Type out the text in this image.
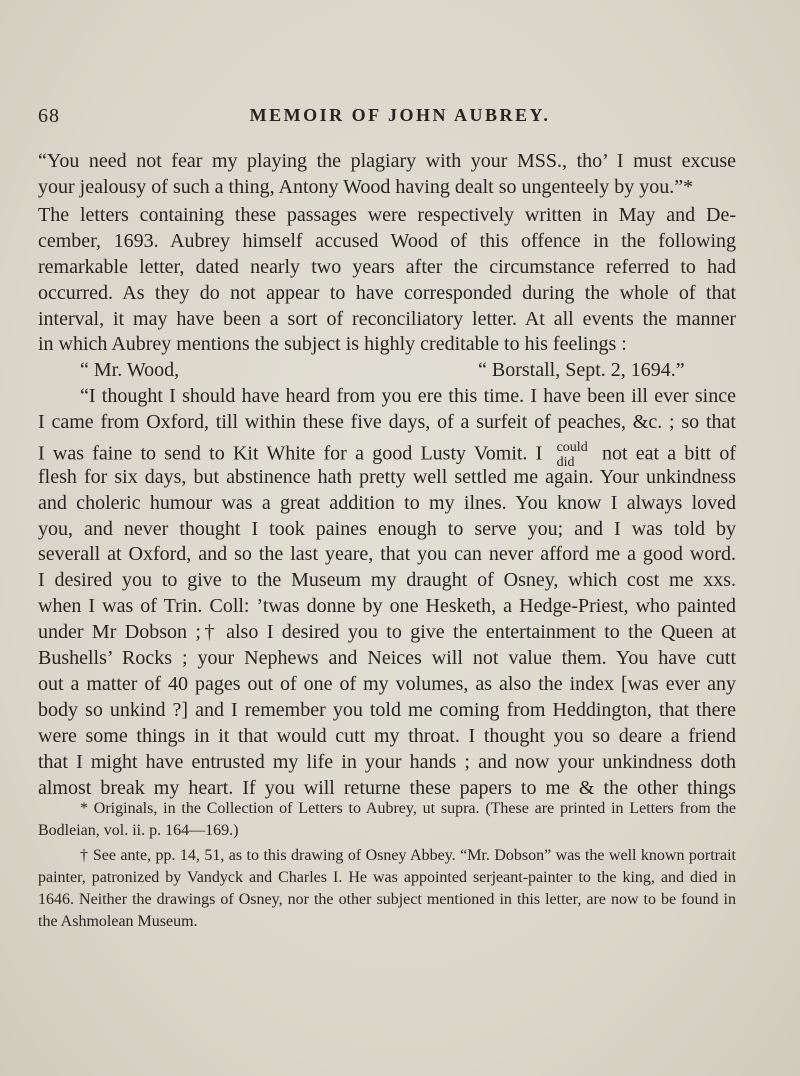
68	MEMOIR OF JOHN AUBREY.
“You need not fear my playing the plagiary with your MSS., tho’ I must excuse
your jealousy of such a thing, Antony Wood having dealt so ungenteely by you.”*
The letters containing these passages were respectively written in May and De-
cember, 1693. Aubrey himself accused Wood of this offence in the following
remarkable letter, dated nearly two years after the circumstance referred to had
occurred. As they do not appear to have corresponded during the whole of that
interval, it may have been a sort of reconciliatory letter. At all events the manner
in which Aubrey mentions the subject is highly creditable to his feelings :
“ Mr. Wood,	“ Borstall, Sept. 2, 1694.”
“I thought I should have heard from you ere this time. I have been ill ever since
I came from Oxford, till within these five days, of a surfeit of peaches, &c. ; so that
I was faine to send to Kit White for a good Lusty Vomit. I could
did	not eat a bitt of
flesh for six days, but abstinence hath pretty well settled me again. Your unkindness
and choleric humour was a great addition to my ilnes. You know I always loved
you, and never thought I took paines enough to serve you; and I was told by
severall at Oxford, and so the last yeare, that you can never afford me a good word.
I desired you to give to the Museum my draught of Osney, which cost me xxs.
when I was of Trin. Coll: ’twas donne by one Hesketh, a Hedge-Priest, who painted
under Mr Dobson ;† also I desired you to give the entertainment to the Queen at
Bushells’ Rocks ; your Nephews and Neices will not value them. You have cutt
out a matter of 40 pages out of one of my volumes, as also the index [was ever any
body so unkind ?] and I remember you told me coming from Heddington, that there
were some things in it that would cutt my throat. I thought you so deare a friend
that I might have entrusted my life in your hands ; and now your unkindness doth
almost break my heart. If you will returne these papers to me & the other things
* Originals, in the Collection of Letters to Aubrey, ut supra. (These are printed in Letters from the
Bodleian, vol. ii. p. 164—169.)
† See ante, pp. 14, 51, as to this drawing of Osney Abbey. “Mr. Dobson” was the well known portrait
painter, patronized by Vandyck and Charles I. He was appointed serjeant-painter to the king, and died in
1646. Neither the drawings of Osney, nor the other subject mentioned in this letter, are now to be found in
the Ashmolean Museum.
